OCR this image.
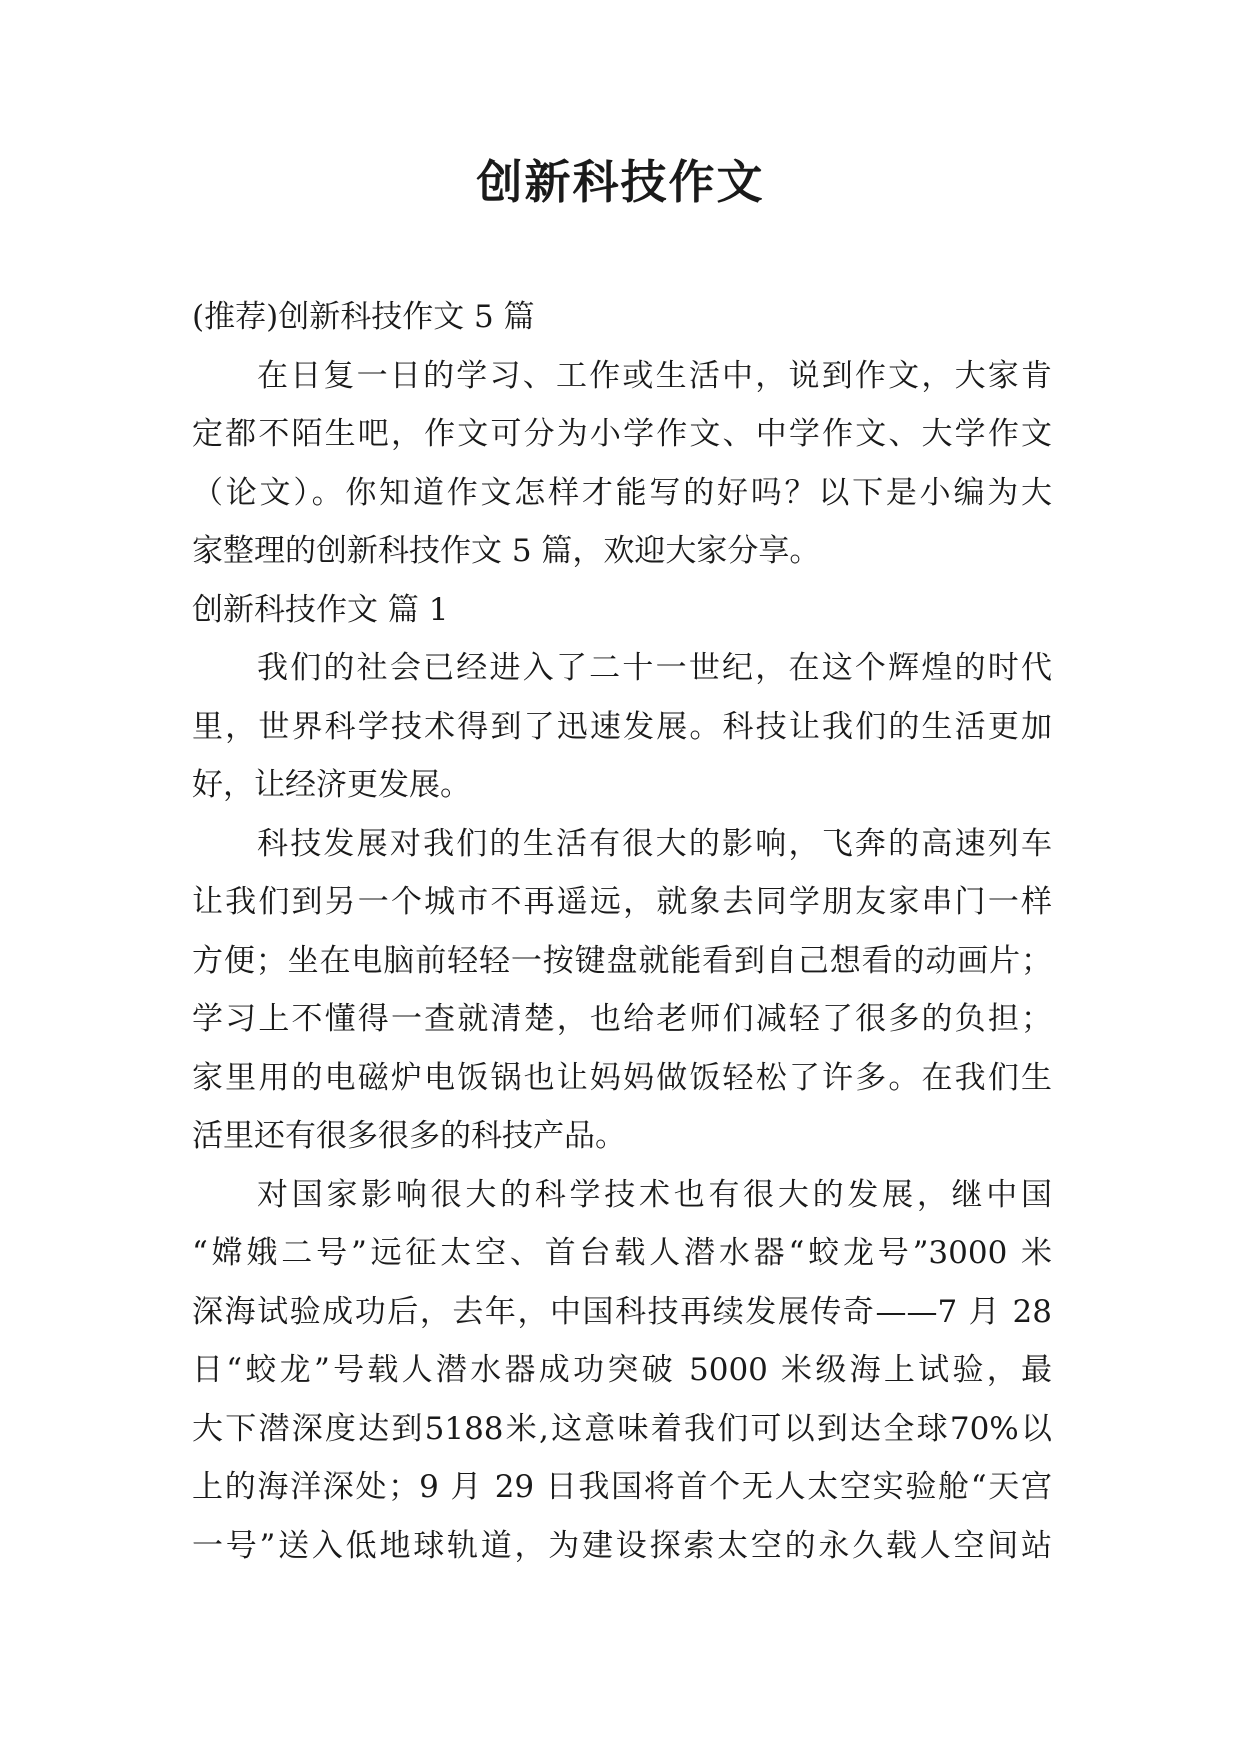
创新科技作文
(推荐)创新科技作文 5 篇
在日复一日的学习、工作或生活中，说到作文，大家肯
定都不陌生吧，作文可分为小学作文、中学作文、大学作文
（论文）。你知道作文怎样才能写的好吗？以下是小编为大
家整理的创新科技作文 5 篇，欢迎大家分享。
创新科技作文 篇 1
我们的社会已经进入了二十一世纪，在这个辉煌的时代
里，世界科学技术得到了迅速发展。科技让我们的生活更加
好，让经济更发展。
科技发展对我们的生活有很大的影响，飞奔的高速列车
让我们到另一个城市不再遥远，就象去同学朋友家串门一样
方便；坐在电脑前轻轻一按键盘就能看到自己想看的动画片；
学习上不懂得一查就清楚，也给老师们减轻了很多的负担；
家里用的电磁炉电饭锅也让妈妈做饭轻松了许多。在我们生
活里还有很多很多的科技产品。
对国家影响很大的科学技术也有很大的发展，继中国
“嫦娥二号”远征太空、首台载人潜水器“蛟龙号”3000 米
深海试验成功后，去年，中国科技再续发展传奇——7 月 28
日“蛟龙”号载人潜水器成功突破 5000 米级海上试验，最
大下潜深度达到5188米,这意味着我们可以到达全球70%以
上的海洋深处；9 月 29 日我国将首个无人太空实验舱“天宫
一号”送入低地球轨道，为建设探索太空的永久载人空间站
